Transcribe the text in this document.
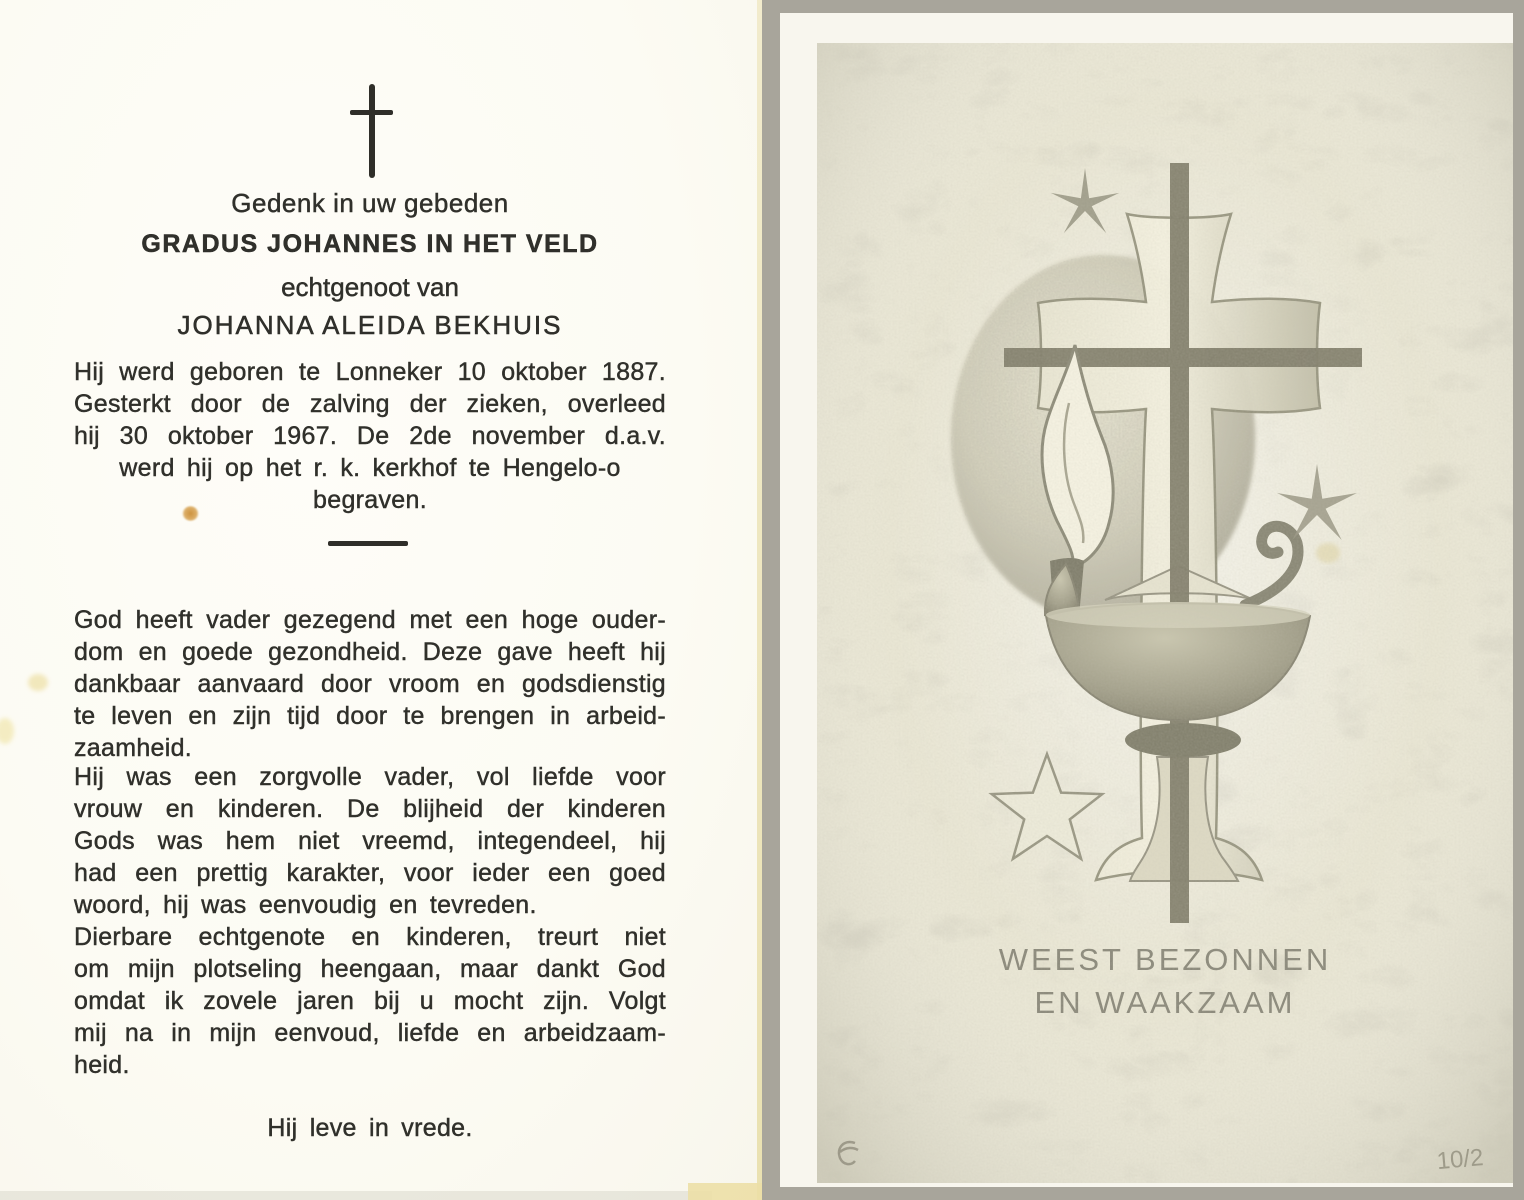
Gedenk in uw gebeden
GRADUS JOHANNES IN HET VELD
echtgenoot van
JOHANNA ALEIDA BEKHUIS
Hij werd geboren te Lonneker 10 oktober 1887.
Gesterkt door de zalving der zieken, overleed
hij 30 oktober 1967. De 2de november d.a.v.
werd hij op het r. k. kerkhof te Hengelo-o
begraven.
God heeft vader gezegend met een hoge ouder-
dom en goede gezondheid. Deze gave heeft hij
dankbaar aanvaard door vroom en godsdienstig
te leven en zijn tijd door te brengen in arbeid-
zaamheid.
Hij was een zorgvolle vader, vol liefde voor
vrouw en kinderen. De blijheid der kinderen
Gods was hem niet vreemd, integendeel, hij
had een prettig karakter, voor ieder een goed
woord, hij was eenvoudig en tevreden.
Dierbare echtgenote en kinderen, treurt niet
om mijn plotseling heengaan, maar dankt God
omdat ik zovele jaren bij u mocht zijn. Volgt
mij na in mijn eenvoud, liefde en arbeidzaam-
heid.
Hij leve in vrede.
WEEST BEZONNEN
EN WAAKZAAM
10/2
